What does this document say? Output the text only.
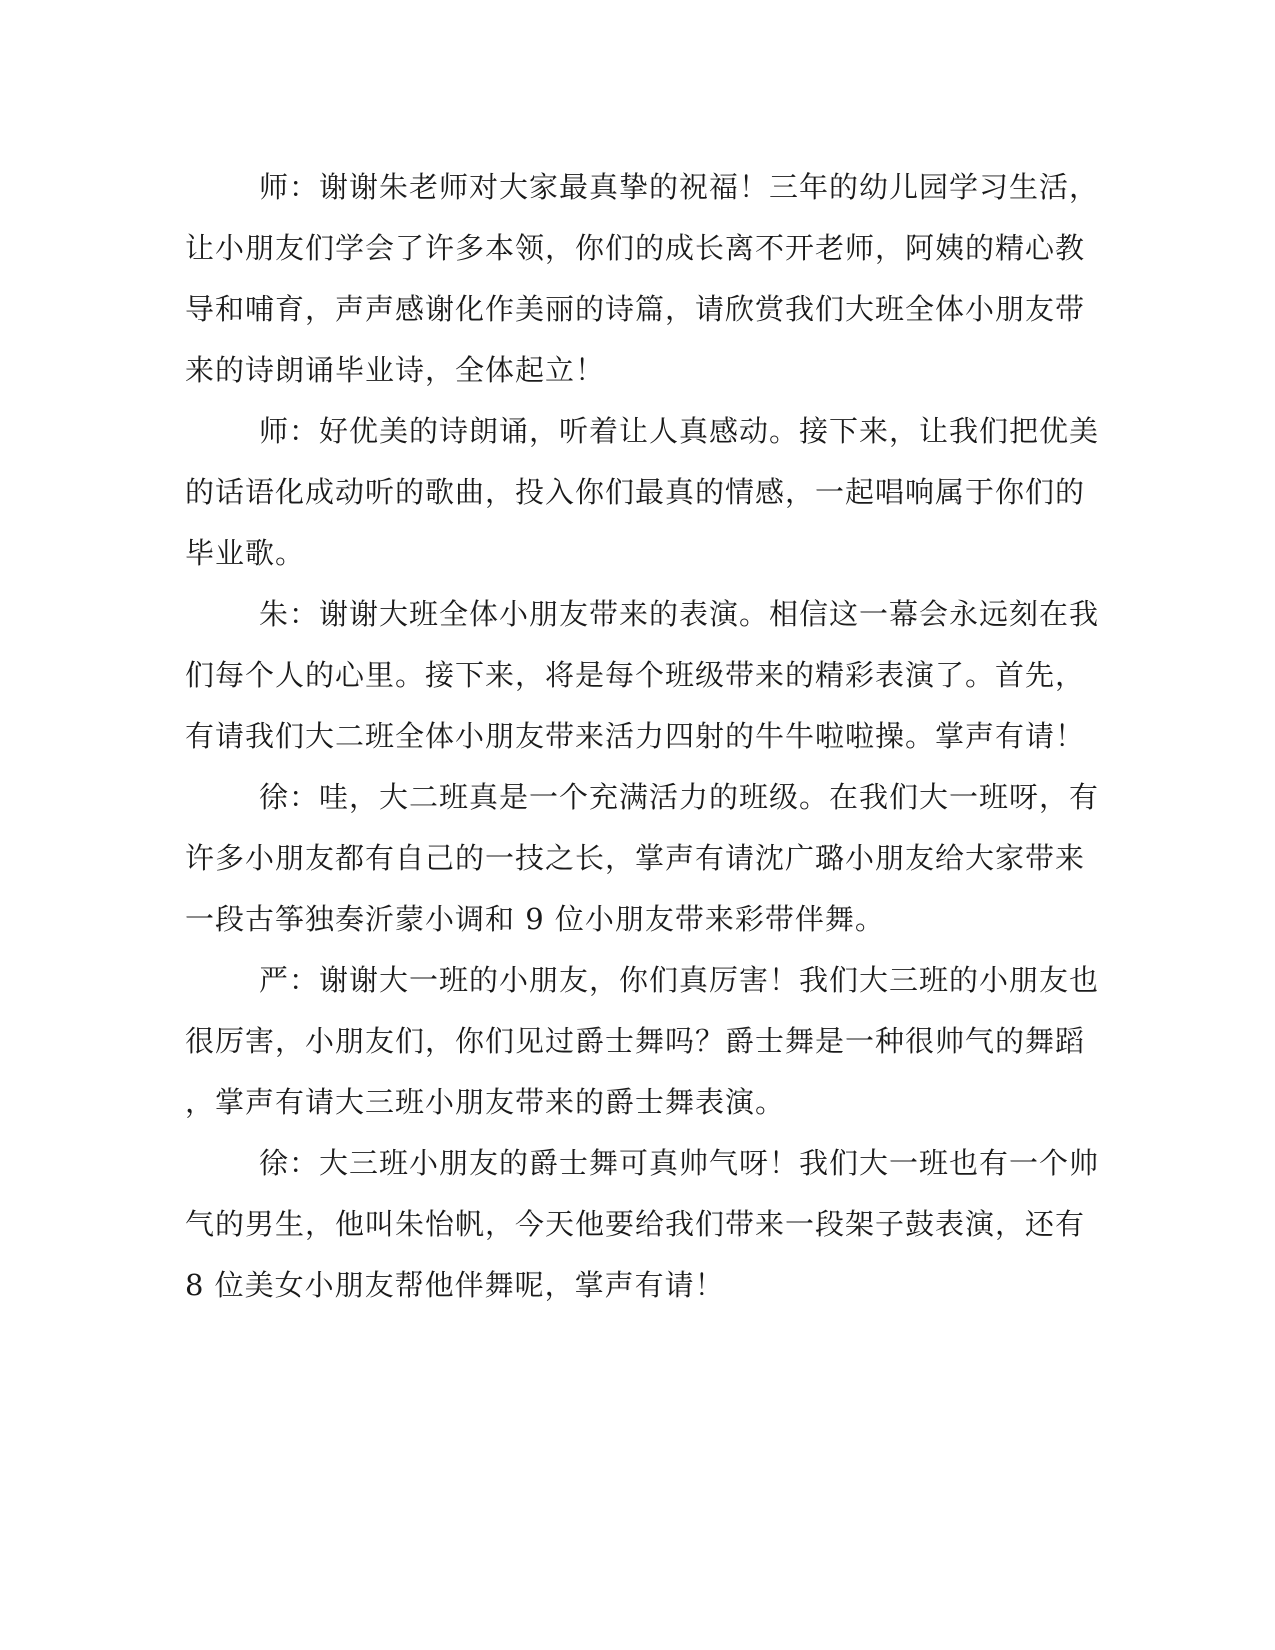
师：谢谢朱老师对大家最真挚的祝福！三年的幼儿园学习生活，
让小朋友们学会了许多本领，你们的成长离不开老师，阿姨的精心教
导和哺育，声声感谢化作美丽的诗篇，请欣赏我们大班全体小朋友带
来的诗朗诵毕业诗，全体起立！

师：好优美的诗朗诵，听着让人真感动。接下来，让我们把优美
的话语化成动听的歌曲，投入你们最真的情感，一起唱响属于你们的
毕业歌。

朱：谢谢大班全体小朋友带来的表演。相信这一幕会永远刻在我
们每个人的心里。接下来，将是每个班级带来的精彩表演了。首先，
有请我们大二班全体小朋友带来活力四射的牛牛啦啦操。掌声有请！

徐：哇，大二班真是一个充满活力的班级。在我们大一班呀，有
许多小朋友都有自己的一技之长，掌声有请沈广璐小朋友给大家带来
一段古筝独奏沂蒙小调和 9 位小朋友带来彩带伴舞。

严：谢谢大一班的小朋友，你们真厉害！我们大三班的小朋友也
很厉害，小朋友们，你们见过爵士舞吗？爵士舞是一种很帅气的舞蹈
，掌声有请大三班小朋友带来的爵士舞表演。

徐：大三班小朋友的爵士舞可真帅气呀！我们大一班也有一个帅
气的男生，他叫朱怡帆，今天他要给我们带来一段架子鼓表演，还有
8 位美女小朋友帮他伴舞呢，掌声有请！
